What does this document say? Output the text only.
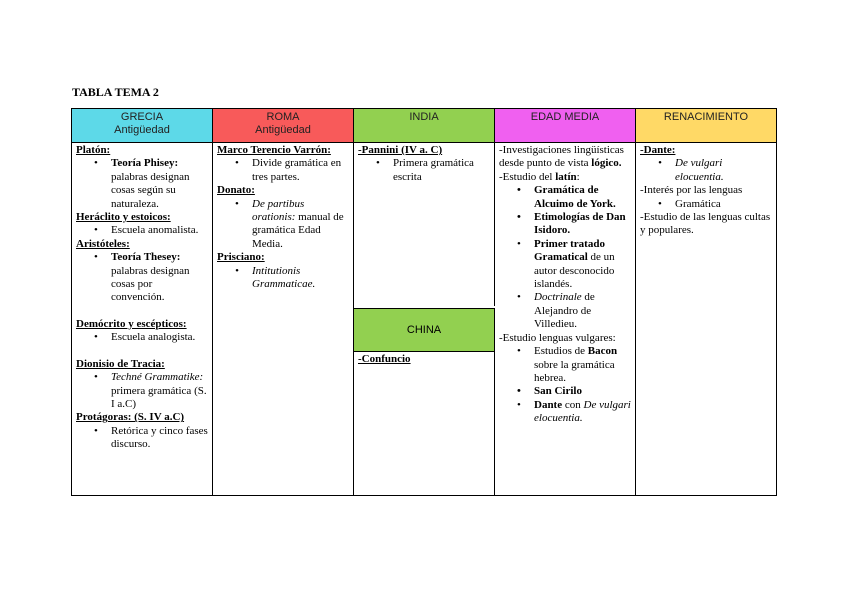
TABLA TEMA 2
GRECIA
Antigüedad
ROMA
Antigüedad
INDIA	EDAD MEDIA	RENACIMIENTO
Platón:
• Teoría Phisey: palabras designan cosas según su naturaleza.
Heráclito y estoicos:
• Escuela anomalista.
Aristóteles:
• Teoría Thesey: palabras designan cosas por convención.
Demócrito y escépticos:
• Escuela analogista.
Dionisio de Tracia:
• Techné Grammatike: primera gramática (S. I a.C)
Protágoras: (S. IV a.C)
• Retórica y cinco fases discurso.
Marco Terencio Varrón:
• Divide gramática en tres partes.
Donato:
• De partibus orationis: manual de gramática Edad Media.
Prisciano:
• Intitutionis Grammaticae.
-Pannini (IV a. C)
• Primera gramática escrita
CHINA
-Confuncio
-Investigaciones lingüísticas desde punto de vista lógico.
-Estudio del latín:
• Gramática de Alcuimo de York.
• Etimologías de Dan Isidoro.
• Primer tratado Gramatical de un autor desconocido islandés.
• Doctrinale de Alejandro de Villedieu.
-Estudio lenguas vulgares:
• Estudios de Bacon sobre la gramática hebrea.
• San Cirilo
• Dante con De vulgari elocuentia.
-Dante:
• De vulgari elocuentia.
-Interés por las lenguas
• Gramática
-Estudio de las lenguas cultas y populares.
